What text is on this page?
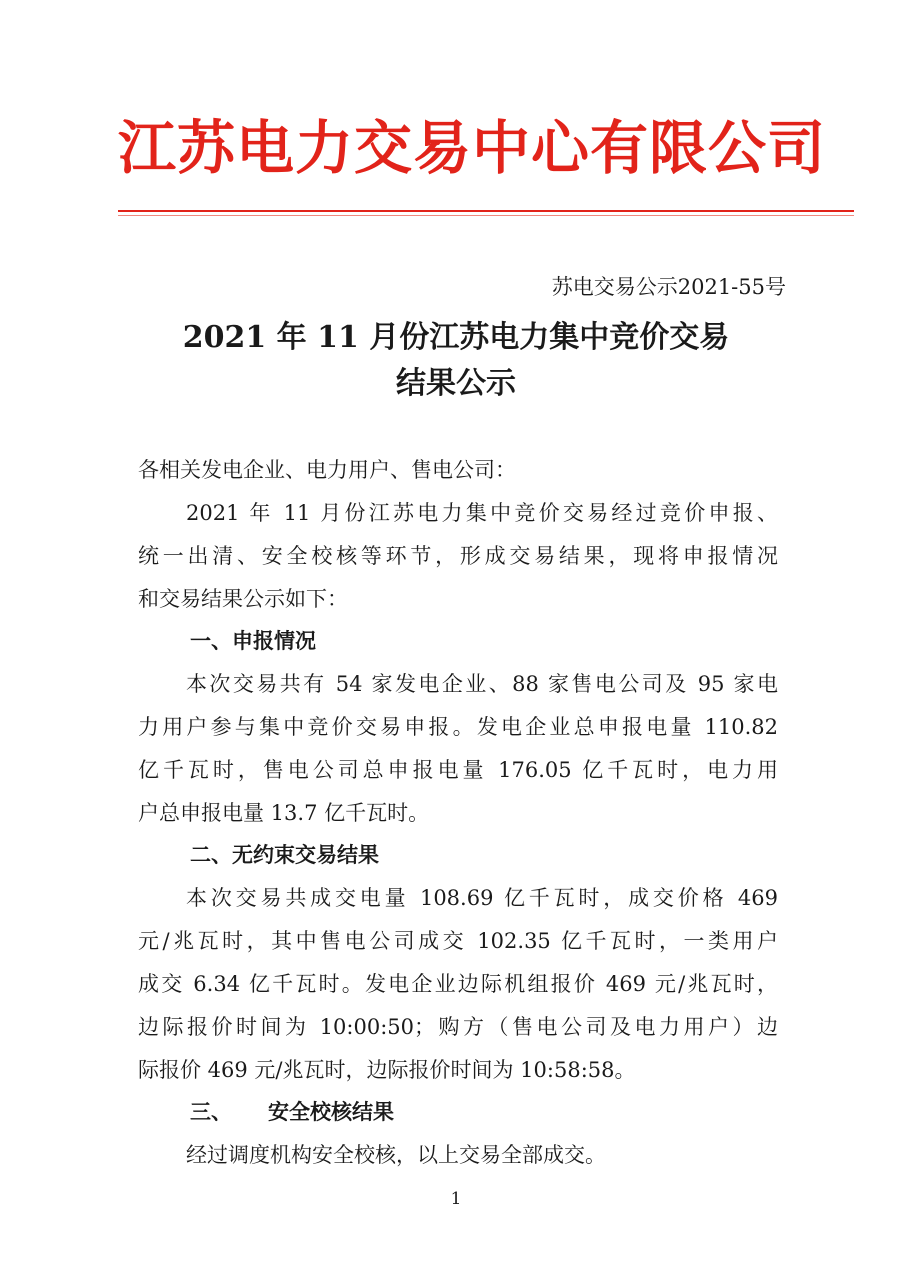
江苏电力交易中心有限公司
苏电交易公示2021-55号
2021 年 11 月份江苏电力集中竞价交易
结果公示
各相关发电企业、电力用户、售电公司：
2021 年 11 月份江苏电力集中竞价交易经过竞价申报、
统一出清、安全校核等环节，形成交易结果，现将申报情况
和交易结果公示如下：
一、申报情况
本次交易共有 54 家发电企业、88 家售电公司及 95 家电
力用户参与集中竞价交易申报。发电企业总申报电量 110.82
亿千瓦时，售电公司总申报电量 176.05 亿千瓦时，电力用
户总申报电量 13.7 亿千瓦时。
二、无约束交易结果
本次交易共成交电量 108.69 亿千瓦时，成交价格 469
元/兆瓦时，其中售电公司成交 102.35 亿千瓦时，一类用户
成交 6.34 亿千瓦时。发电企业边际机组报价 469 元/兆瓦时，
边际报价时间为 10:00:50；购方（售电公司及电力用户）边
际报价 469 元/兆瓦时，边际报价时间为 10:58:58。
三、 安全校核结果
经过调度机构安全校核，以上交易全部成交。
1
